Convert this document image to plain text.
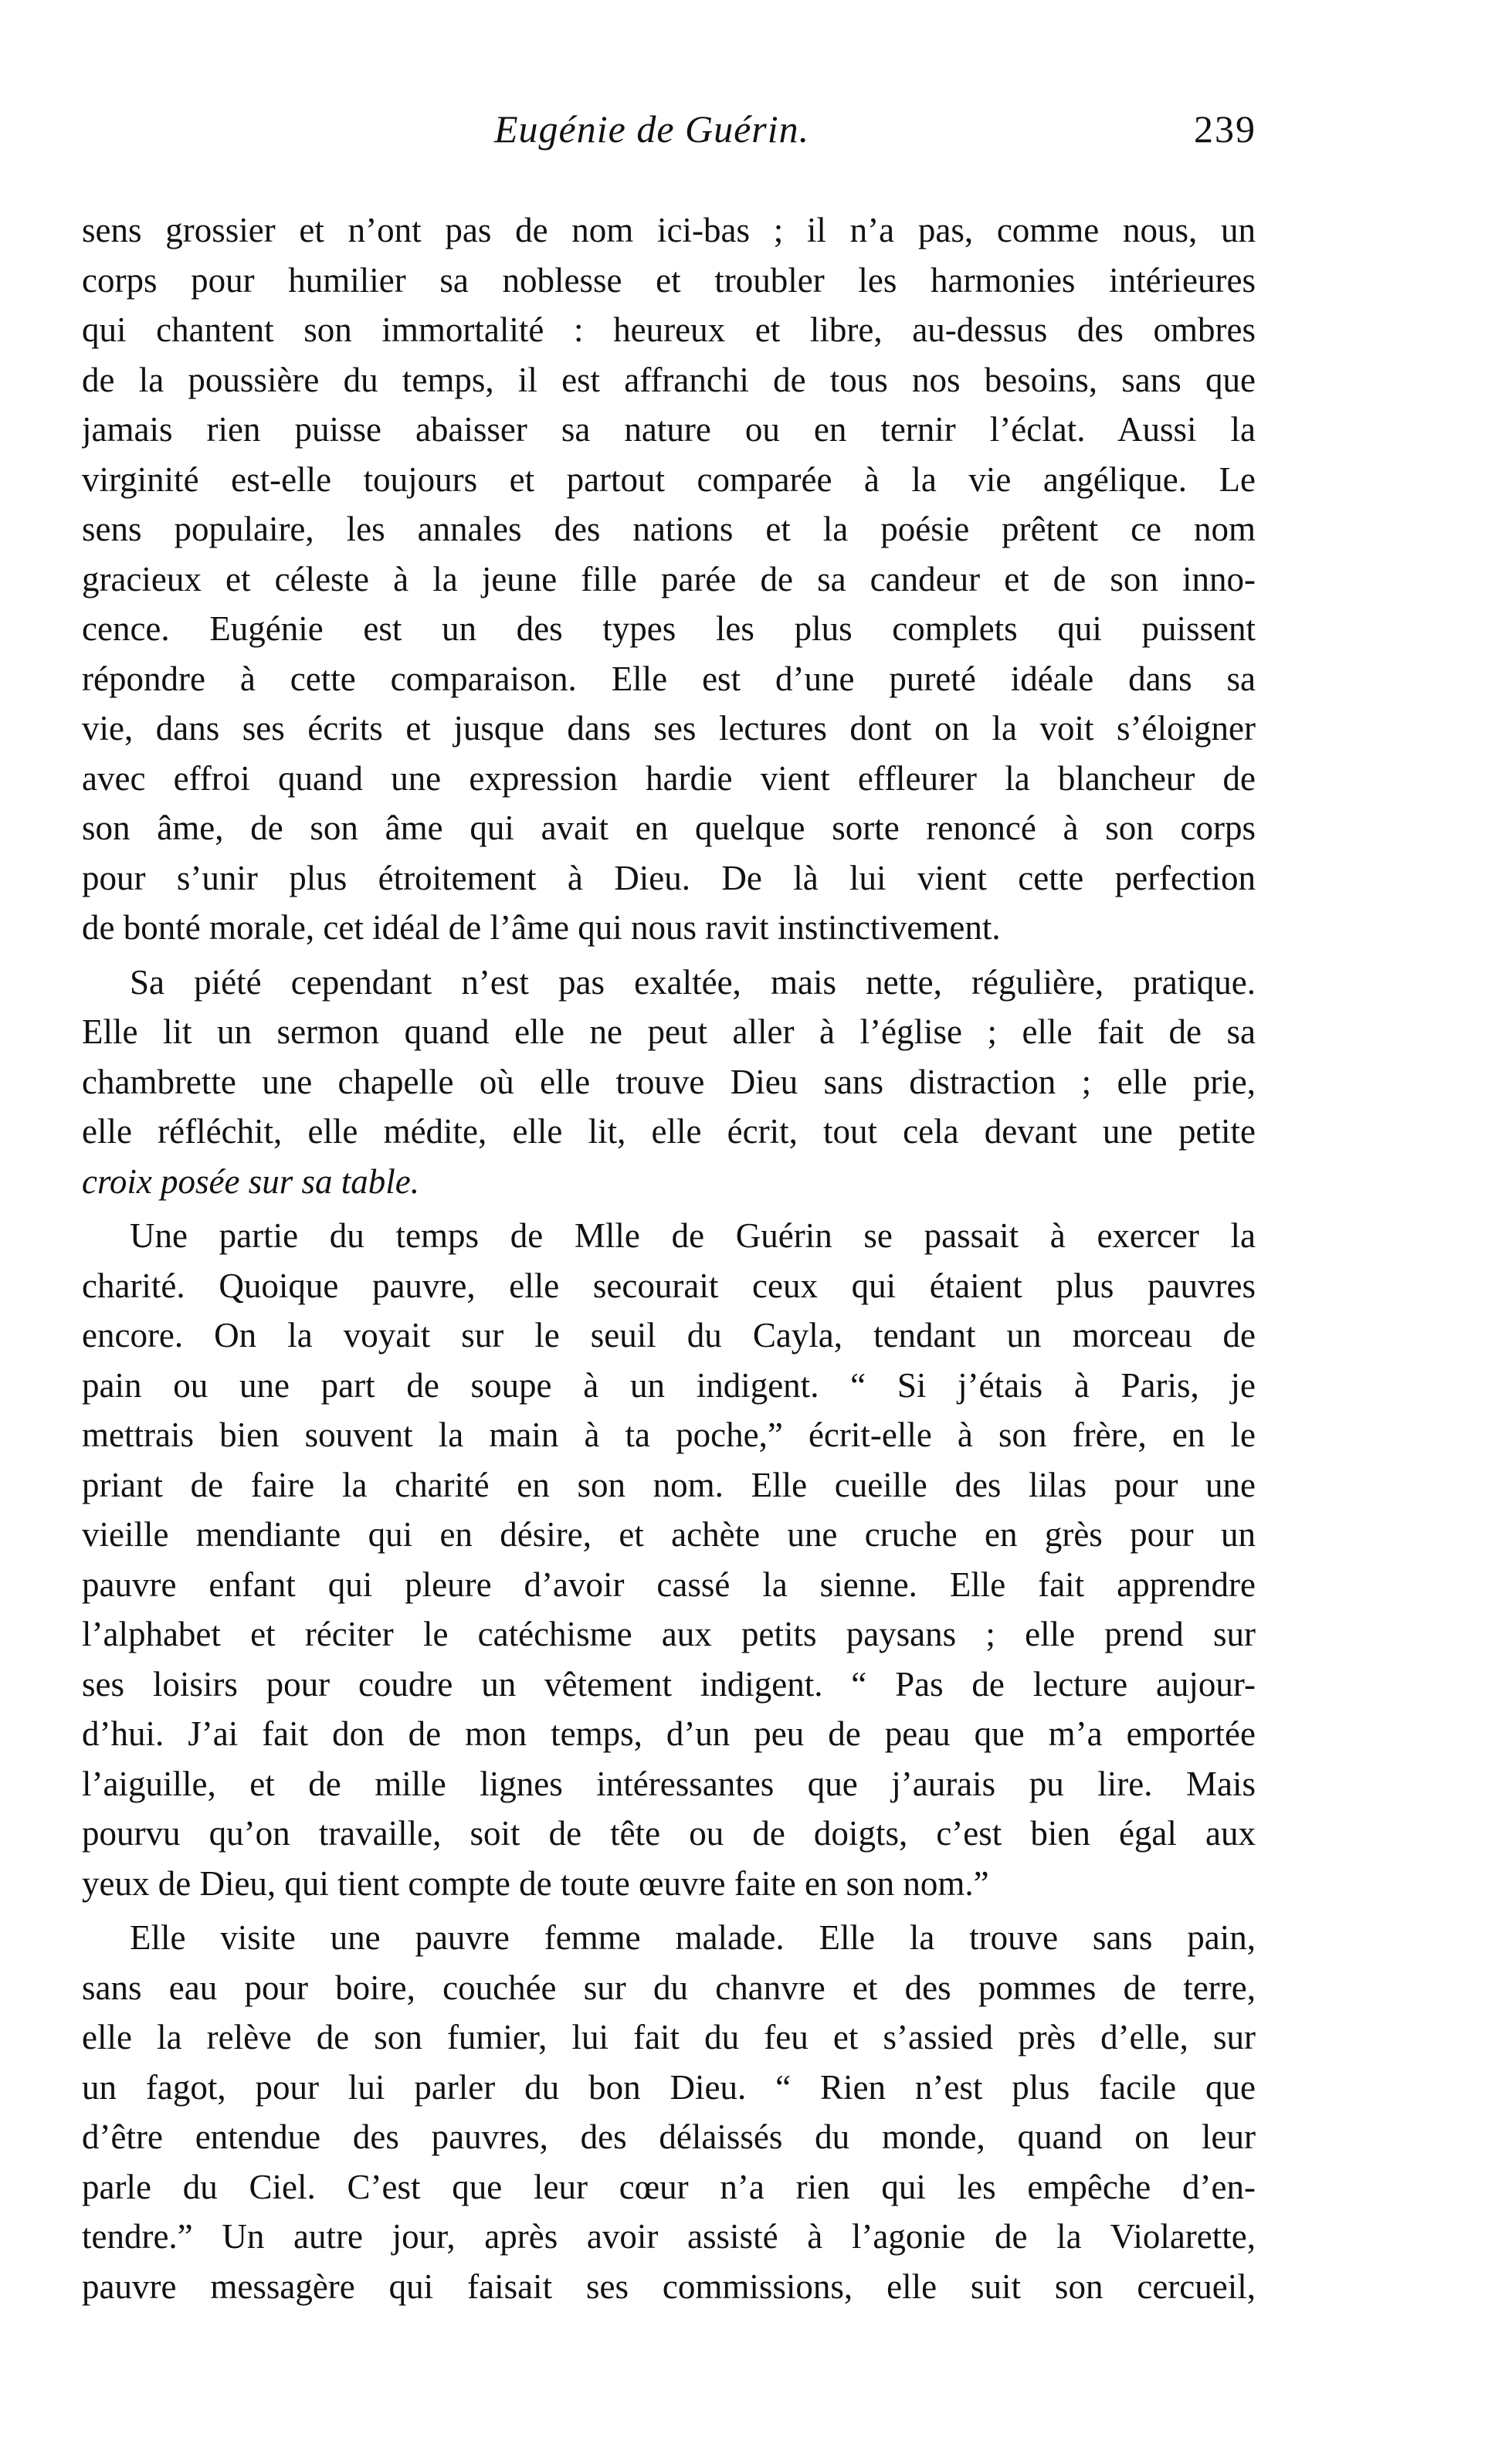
Eugénie de Guérin.	239
sens grossier et n’ont pas de nom ici-bas ; il n’a pas, comme nous, un
corps pour humilier sa noblesse et troubler les harmonies intérieures
qui chantent son immortalité : heureux et libre, au-dessus des ombres
de la poussière du temps, il est affranchi de tous nos besoins, sans que
jamais rien puisse abaisser sa nature ou en ternir l’éclat. Aussi la
virginité est-elle toujours et partout comparée à la vie angélique. Le
sens populaire, les annales des nations et la poésie prêtent ce nom
gracieux et céleste à la jeune fille parée de sa candeur et de son inno-
cence. Eugénie est un des types les plus complets qui puissent
répondre à cette comparaison. Elle est d’une pureté idéale dans sa
vie, dans ses écrits et jusque dans ses lectures dont on la voit s’éloigner
avec effroi quand une expression hardie vient effleurer la blancheur de
son âme, de son âme qui avait en quelque sorte renoncé à son corps
pour s’unir plus étroitement à Dieu. De là lui vient cette perfection
de bonté morale, cet idéal de l’âme qui nous ravit instinctivement.
Sa piété cependant n’est pas exaltée, mais nette, régulière, pratique.
Elle lit un sermon quand elle ne peut aller à l’église ; elle fait de sa
chambrette une chapelle où elle trouve Dieu sans distraction ; elle prie,
elle réfléchit, elle médite, elle lit, elle écrit, tout cela devant une petite
croix posée sur sa table.
Une partie du temps de Mlle de Guérin se passait à exercer la
charité. Quoique pauvre, elle secourait ceux qui étaient plus pauvres
encore. On la voyait sur le seuil du Cayla, tendant un morceau de
pain ou une part de soupe à un indigent. “ Si j’étais à Paris, je
mettrais bien souvent la main à ta poche,” écrit-elle à son frère, en le
priant de faire la charité en son nom. Elle cueille des lilas pour une
vieille mendiante qui en désire, et achète une cruche en grès pour un
pauvre enfant qui pleure d’avoir cassé la sienne. Elle fait apprendre
l’alphabet et réciter le catéchisme aux petits paysans ; elle prend sur
ses loisirs pour coudre un vêtement indigent. “ Pas de lecture aujour-
d’hui. J’ai fait don de mon temps, d’un peu de peau que m’a emportée
l’aiguille, et de mille lignes intéressantes que j’aurais pu lire. Mais
pourvu qu’on travaille, soit de tête ou de doigts, c’est bien égal aux
yeux de Dieu, qui tient compte de toute œuvre faite en son nom.”
Elle visite une pauvre femme malade. Elle la trouve sans pain,
sans eau pour boire, couchée sur du chanvre et des pommes de terre,
elle la relève de son fumier, lui fait du feu et s’assied près d’elle, sur
un fagot, pour lui parler du bon Dieu. “ Rien n’est plus facile que
d’être entendue des pauvres, des délaissés du monde, quand on leur
parle du Ciel. C’est que leur cœur n’a rien qui les empêche d’en-
tendre.” Un autre jour, après avoir assisté à l’agonie de la Violarette,
pauvre messagère qui faisait ses commissions, elle suit son cercueil,
